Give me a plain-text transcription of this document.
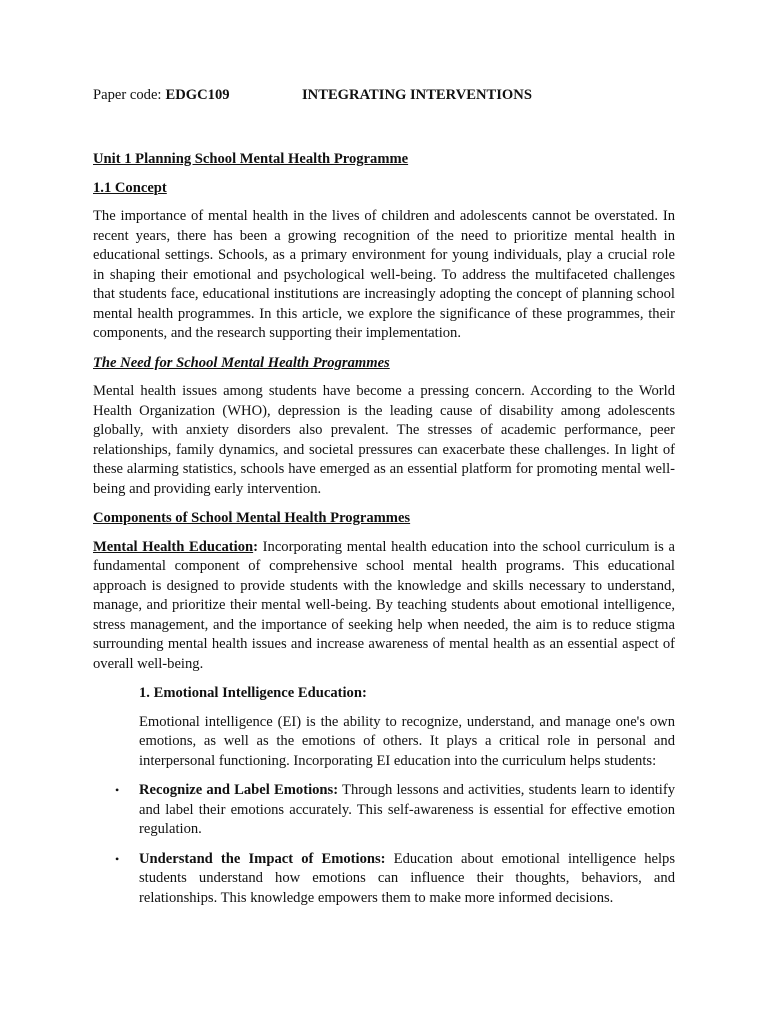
Paper code: EDGC109	INTEGRATING INTERVENTIONS
Unit 1 Planning School Mental Health Programme
1.1 Concept

The importance of mental health in the lives of children and adolescents cannot be overstated. In recent years, there has been a growing recognition of the need to prioritize mental health in educational settings. Schools, as a primary environment for young individuals, play a crucial role in shaping their emotional and psychological well-being. To address the multifaceted challenges that students face, educational institutions are increasingly adopting the concept of planning school mental health programmes. In this article, we explore the significance of these programmes, their components, and the research supporting their implementation.

The Need for School Mental Health Programmes

Mental health issues among students have become a pressing concern. According to the World Health Organization (WHO), depression is the leading cause of disability among adolescents globally, with anxiety disorders also prevalent. The stresses of academic performance, peer relationships, family dynamics, and societal pressures can exacerbate these challenges. In light of these alarming statistics, schools have emerged as an essential platform for promoting mental well-being and providing early intervention.

Components of School Mental Health Programmes

Mental Health Education: Incorporating mental health education into the school curriculum is a fundamental component of comprehensive school mental health programs. This educational approach is designed to provide students with the knowledge and skills necessary to understand, manage, and prioritize their mental well-being. By teaching students about emotional intelligence, stress management, and the importance of seeking help when needed, the aim is to reduce stigma surrounding mental health issues and increase awareness of mental health as an essential aspect of overall well-being.

1. Emotional Intelligence Education:

Emotional intelligence (EI) is the ability to recognize, understand, and manage one's own emotions, as well as the emotions of others. It plays a critical role in personal and interpersonal functioning. Incorporating EI education into the curriculum helps students:

• Recognize and Label Emotions: Through lessons and activities, students learn to identify and label their emotions accurately. This self-awareness is essential for effective emotion regulation.
• Understand the Impact of Emotions: Education about emotional intelligence helps students understand how emotions can influence their thoughts, behaviors, and relationships. This knowledge empowers them to make more informed decisions.
